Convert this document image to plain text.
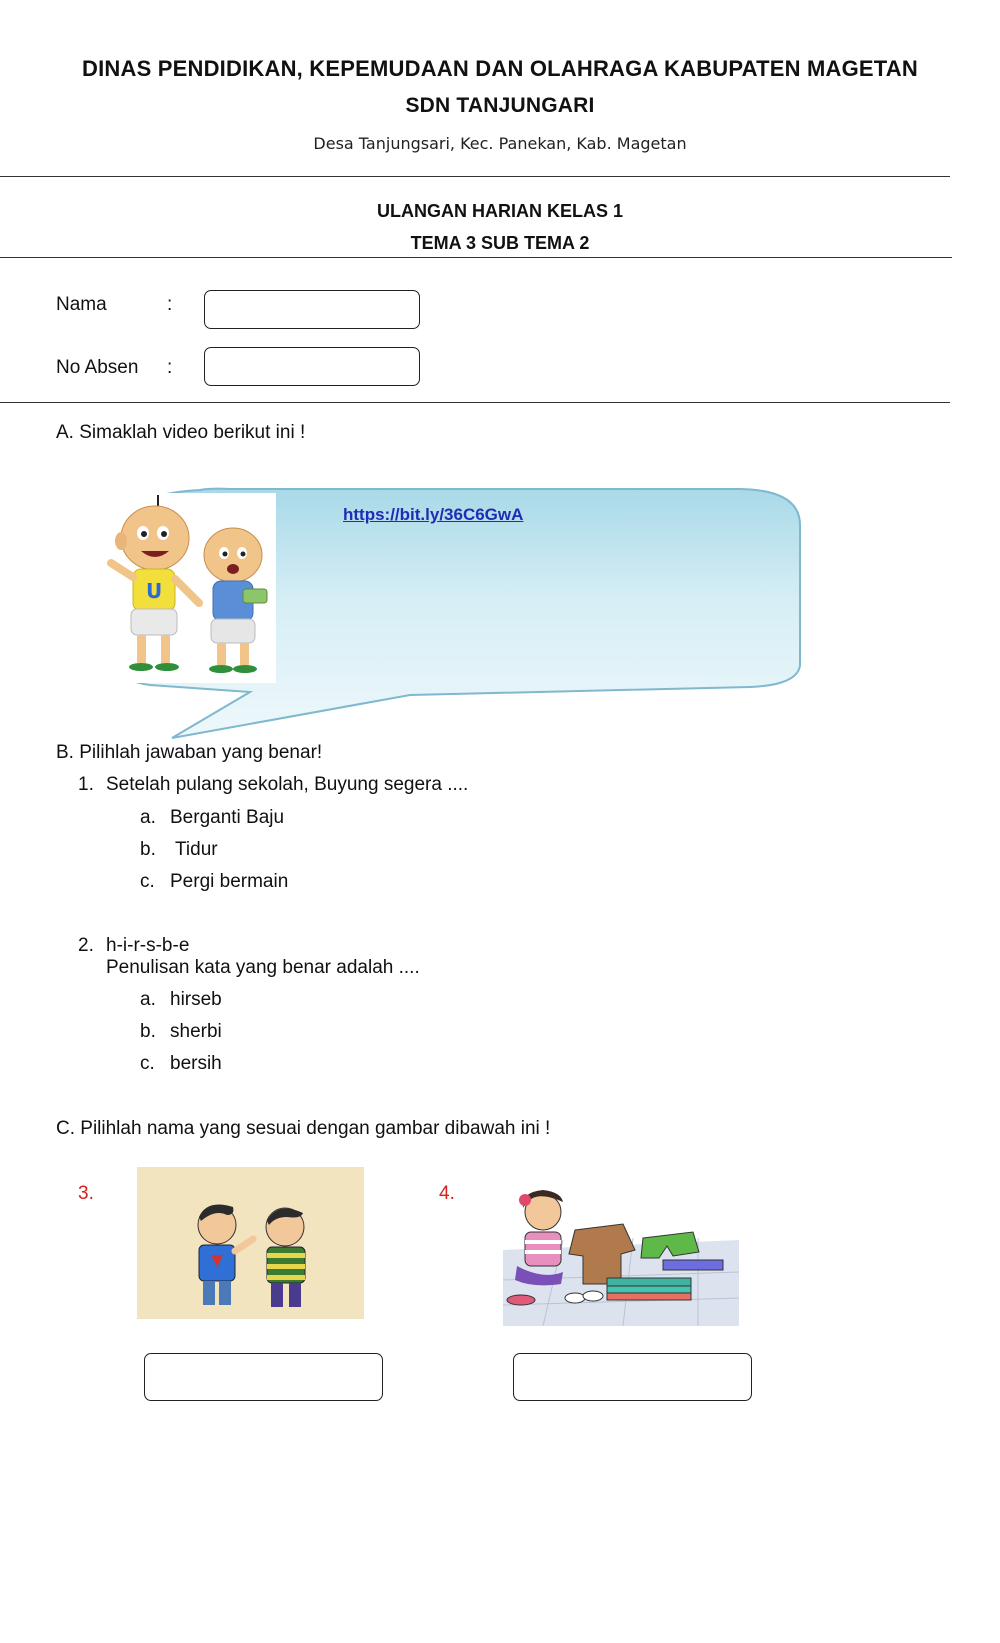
DINAS PENDIDIKAN, KEPEMUDAAN DAN OLAHRAGA KABUPATEN MAGETAN
SDN TANJUNGARI
Desa Tanjungsari, Kec. Panekan, Kab. Magetan
ULANGAN HARIAN KELAS 1
TEMA 3 SUB TEMA 2
Nama	:
No Absen :
A. Simaklah video berikut ini !
U
https://bit.ly/36C6GwA
B. Pilihlah jawaban yang benar!
1. Setelah pulang sekolah, Buyung segera ....
a. Berganti Baju
b. Tidur
c. Pergi bermain
2. h-i-r-s-b-e
Penulisan kata yang benar adalah ....
a. hirseb
b. sherbi
c. bersih
C. Pilihlah nama yang sesuai dengan gambar dibawah ini !
3.	4.
